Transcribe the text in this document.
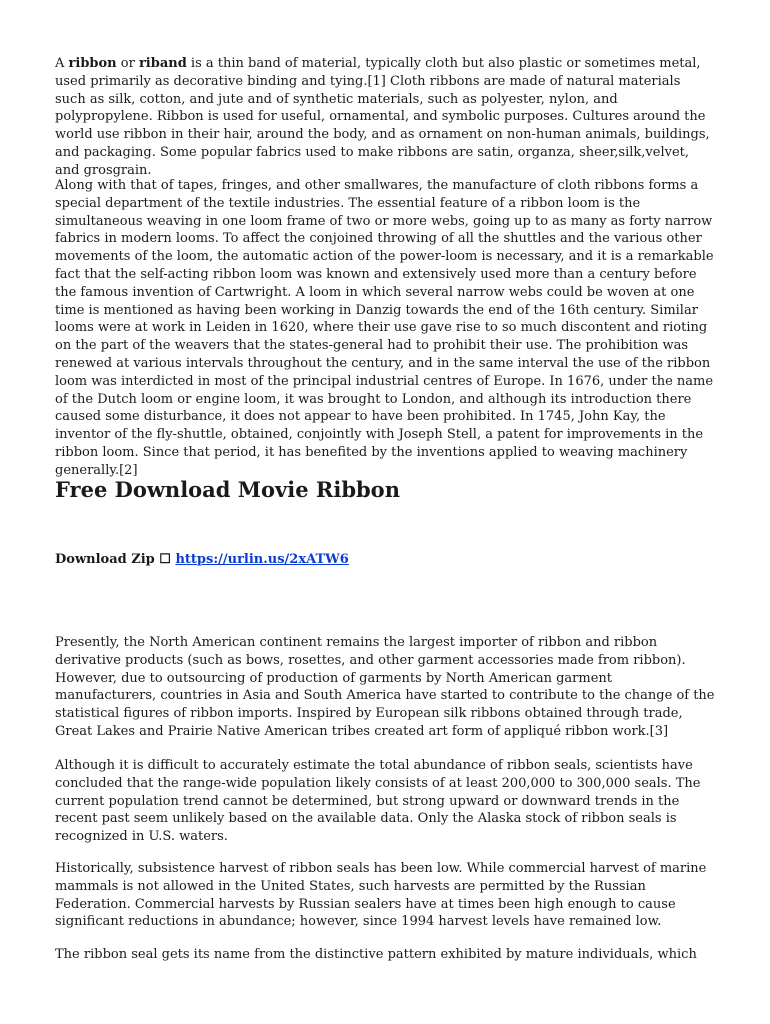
A ribbon or riband is a thin band of material, typically cloth but also plastic or sometimes metal, used primarily as decorative binding and tying.[1] Cloth ribbons are made of natural materials such as silk, cotton, and jute and of synthetic materials, such as polyester, nylon, and polypropylene. Ribbon is used for useful, ornamental, and symbolic purposes. Cultures around the world use ribbon in their hair, around the body, and as ornament on non-human animals, buildings, and packaging. Some popular fabrics used to make ribbons are satin, organza, sheer,silk,velvet, and grosgrain.

Along with that of tapes, fringes, and other smallwares, the manufacture of cloth ribbons forms a special department of the textile industries. The essential feature of a ribbon loom is the simultaneous weaving in one loom frame of two or more webs, going up to as many as forty narrow fabrics in modern looms. To affect the conjoined throwing of all the shuttles and the various other movements of the loom, the automatic action of the power-loom is necessary, and it is a remarkable fact that the self-acting ribbon loom was known and extensively used more than a century before the famous invention of Cartwright. A loom in which several narrow webs could be woven at one time is mentioned as having been working in Danzig towards the end of the 16th century. Similar looms were at work in Leiden in 1620, where their use gave rise to so much discontent and rioting on the part of the weavers that the states-general had to prohibit their use. The prohibition was renewed at various intervals throughout the century, and in the same interval the use of the ribbon loom was interdicted in most of the principal industrial centres of Europe. In 1676, under the name of the Dutch loom or engine loom, it was brought to London, and although its introduction there caused some disturbance, it does not appear to have been prohibited. In 1745, John Kay, the inventor of the fly-shuttle, obtained, conjointly with Joseph Stell, a patent for improvements in the ribbon loom. Since that period, it has benefited by the inventions applied to weaving machinery generally.[2]

Free Download Movie Ribbon
Download Zip ☐ https://urlin.us/2xATW6

Presently, the North American continent remains the largest importer of ribbon and ribbon derivative products (such as bows, rosettes, and other garment accessories made from ribbon). However, due to outsourcing of production of garments by North American garment manufacturers, countries in Asia and South America have started to contribute to the change of the statistical figures of ribbon imports. Inspired by European silk ribbons obtained through trade, Great Lakes and Prairie Native American tribes created art form of appliqué ribbon work.[3]

Although it is difficult to accurately estimate the total abundance of ribbon seals, scientists have concluded that the range-wide population likely consists of at least 200,000 to 300,000 seals. The current population trend cannot be determined, but strong upward or downward trends in the recent past seem unlikely based on the available data. Only the Alaska stock of ribbon seals is recognized in U.S. waters.

Historically, subsistence harvest of ribbon seals has been low. While commercial harvest of marine mammals is not allowed in the United States, such harvests are permitted by the Russian Federation. Commercial harvests by Russian sealers have at times been high enough to cause significant reductions in abundance; however, since 1994 harvest levels have remained low.

The ribbon seal gets its name from the distinctive pattern exhibited by mature individuals, which
